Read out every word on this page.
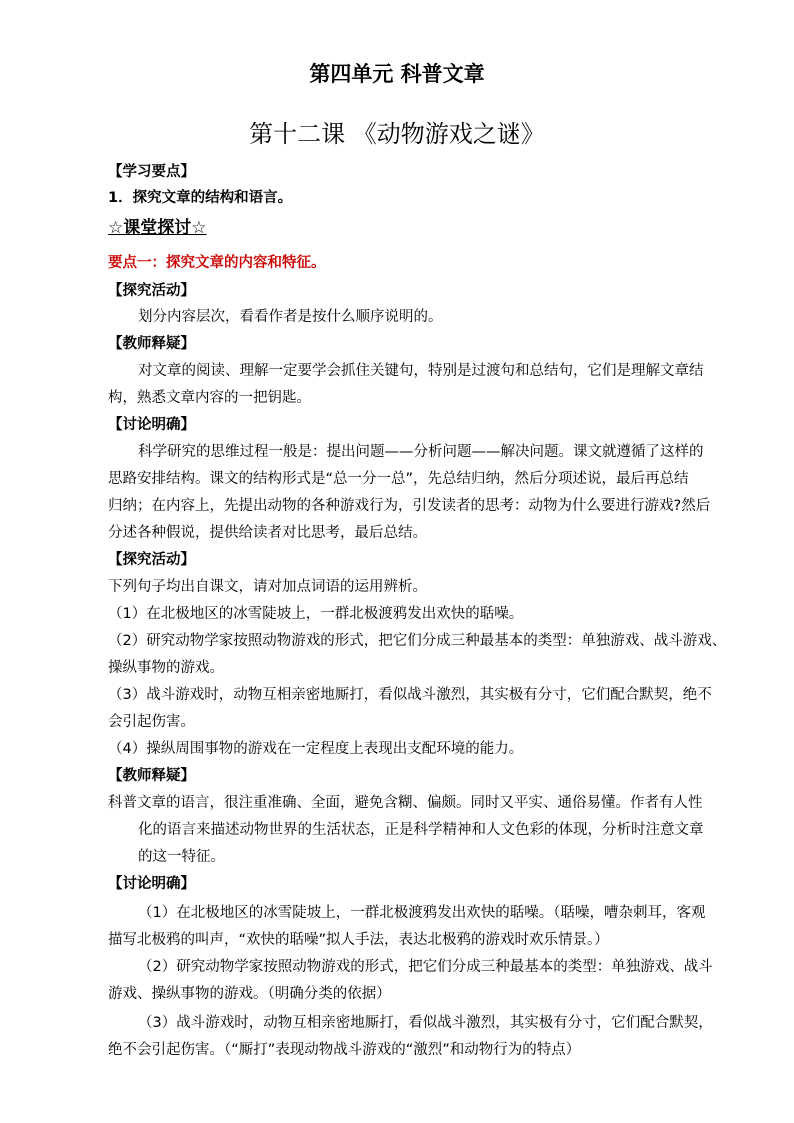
第四单元 科普文章
第十二课 《动物游戏之谜》
【学习要点】
1．探究文章的结构和语言。
☆课堂探讨☆
要点一：探究文章的内容和特征。
【探究活动】
划分内容层次，看看作者是按什么顺序说明的。
【教师释疑】
对文章的阅读、理解一定要学会抓住关键句，特别是过渡句和总结句，它们是理解文章结
构，熟悉文章内容的一把钥匙。
【讨论明确】
科学研究的思维过程一般是：提出问题——分析问题——解决问题。课文就遵循了这样的
思路安排结构。课文的结构形式是“总一分一总”，先总结归纳，然后分项述说，最后再总结
归纳；在内容上，先提出动物的各种游戏行为，引发读者的思考：动物为什么要进行游戏?然后
分述各种假说，提供给读者对比思考，最后总结。
【探究活动】
下列句子均出自课文，请对加点词语的运用辨析。
（1）在北极地区的冰雪陡坡上，一群北极渡鸦发出欢快的聒噪。
（2）研究动物学家按照动物游戏的形式，把它们分成三种最基本的类型：单独游戏、战斗游戏、
操纵事物的游戏。
（3）战斗游戏时，动物互相亲密地厮打，看似战斗激烈，其实极有分寸，它们配合默契，绝不
会引起伤害。
（4）操纵周围事物的游戏在一定程度上表现出支配环境的能力。
【教师释疑】
科普文章的语言，很注重准确、全面，避免含糊、偏颇。同时又平实、通俗易懂。作者有人性
化的语言来描述动物世界的生活状态，正是科学精神和人文色彩的体现，分析时注意文章
的这一特征。
【讨论明确】
（1）在北极地区的冰雪陡坡上，一群北极渡鸦发出欢快的聒噪。（聒噪，嘈杂刺耳，客观
描写北极鸦的叫声，“欢快的聒噪”拟人手法，表达北极鸦的游戏时欢乐情景。）
（2）研究动物学家按照动物游戏的形式，把它们分成三种最基本的类型：单独游戏、战斗
游戏、操纵事物的游戏。（明确分类的依据）
（3）战斗游戏时，动物互相亲密地厮打，看似战斗激烈，其实极有分寸，它们配合默契，
绝不会引起伤害。（“厮打”表现动物战斗游戏的“激烈”和动物行为的特点）
